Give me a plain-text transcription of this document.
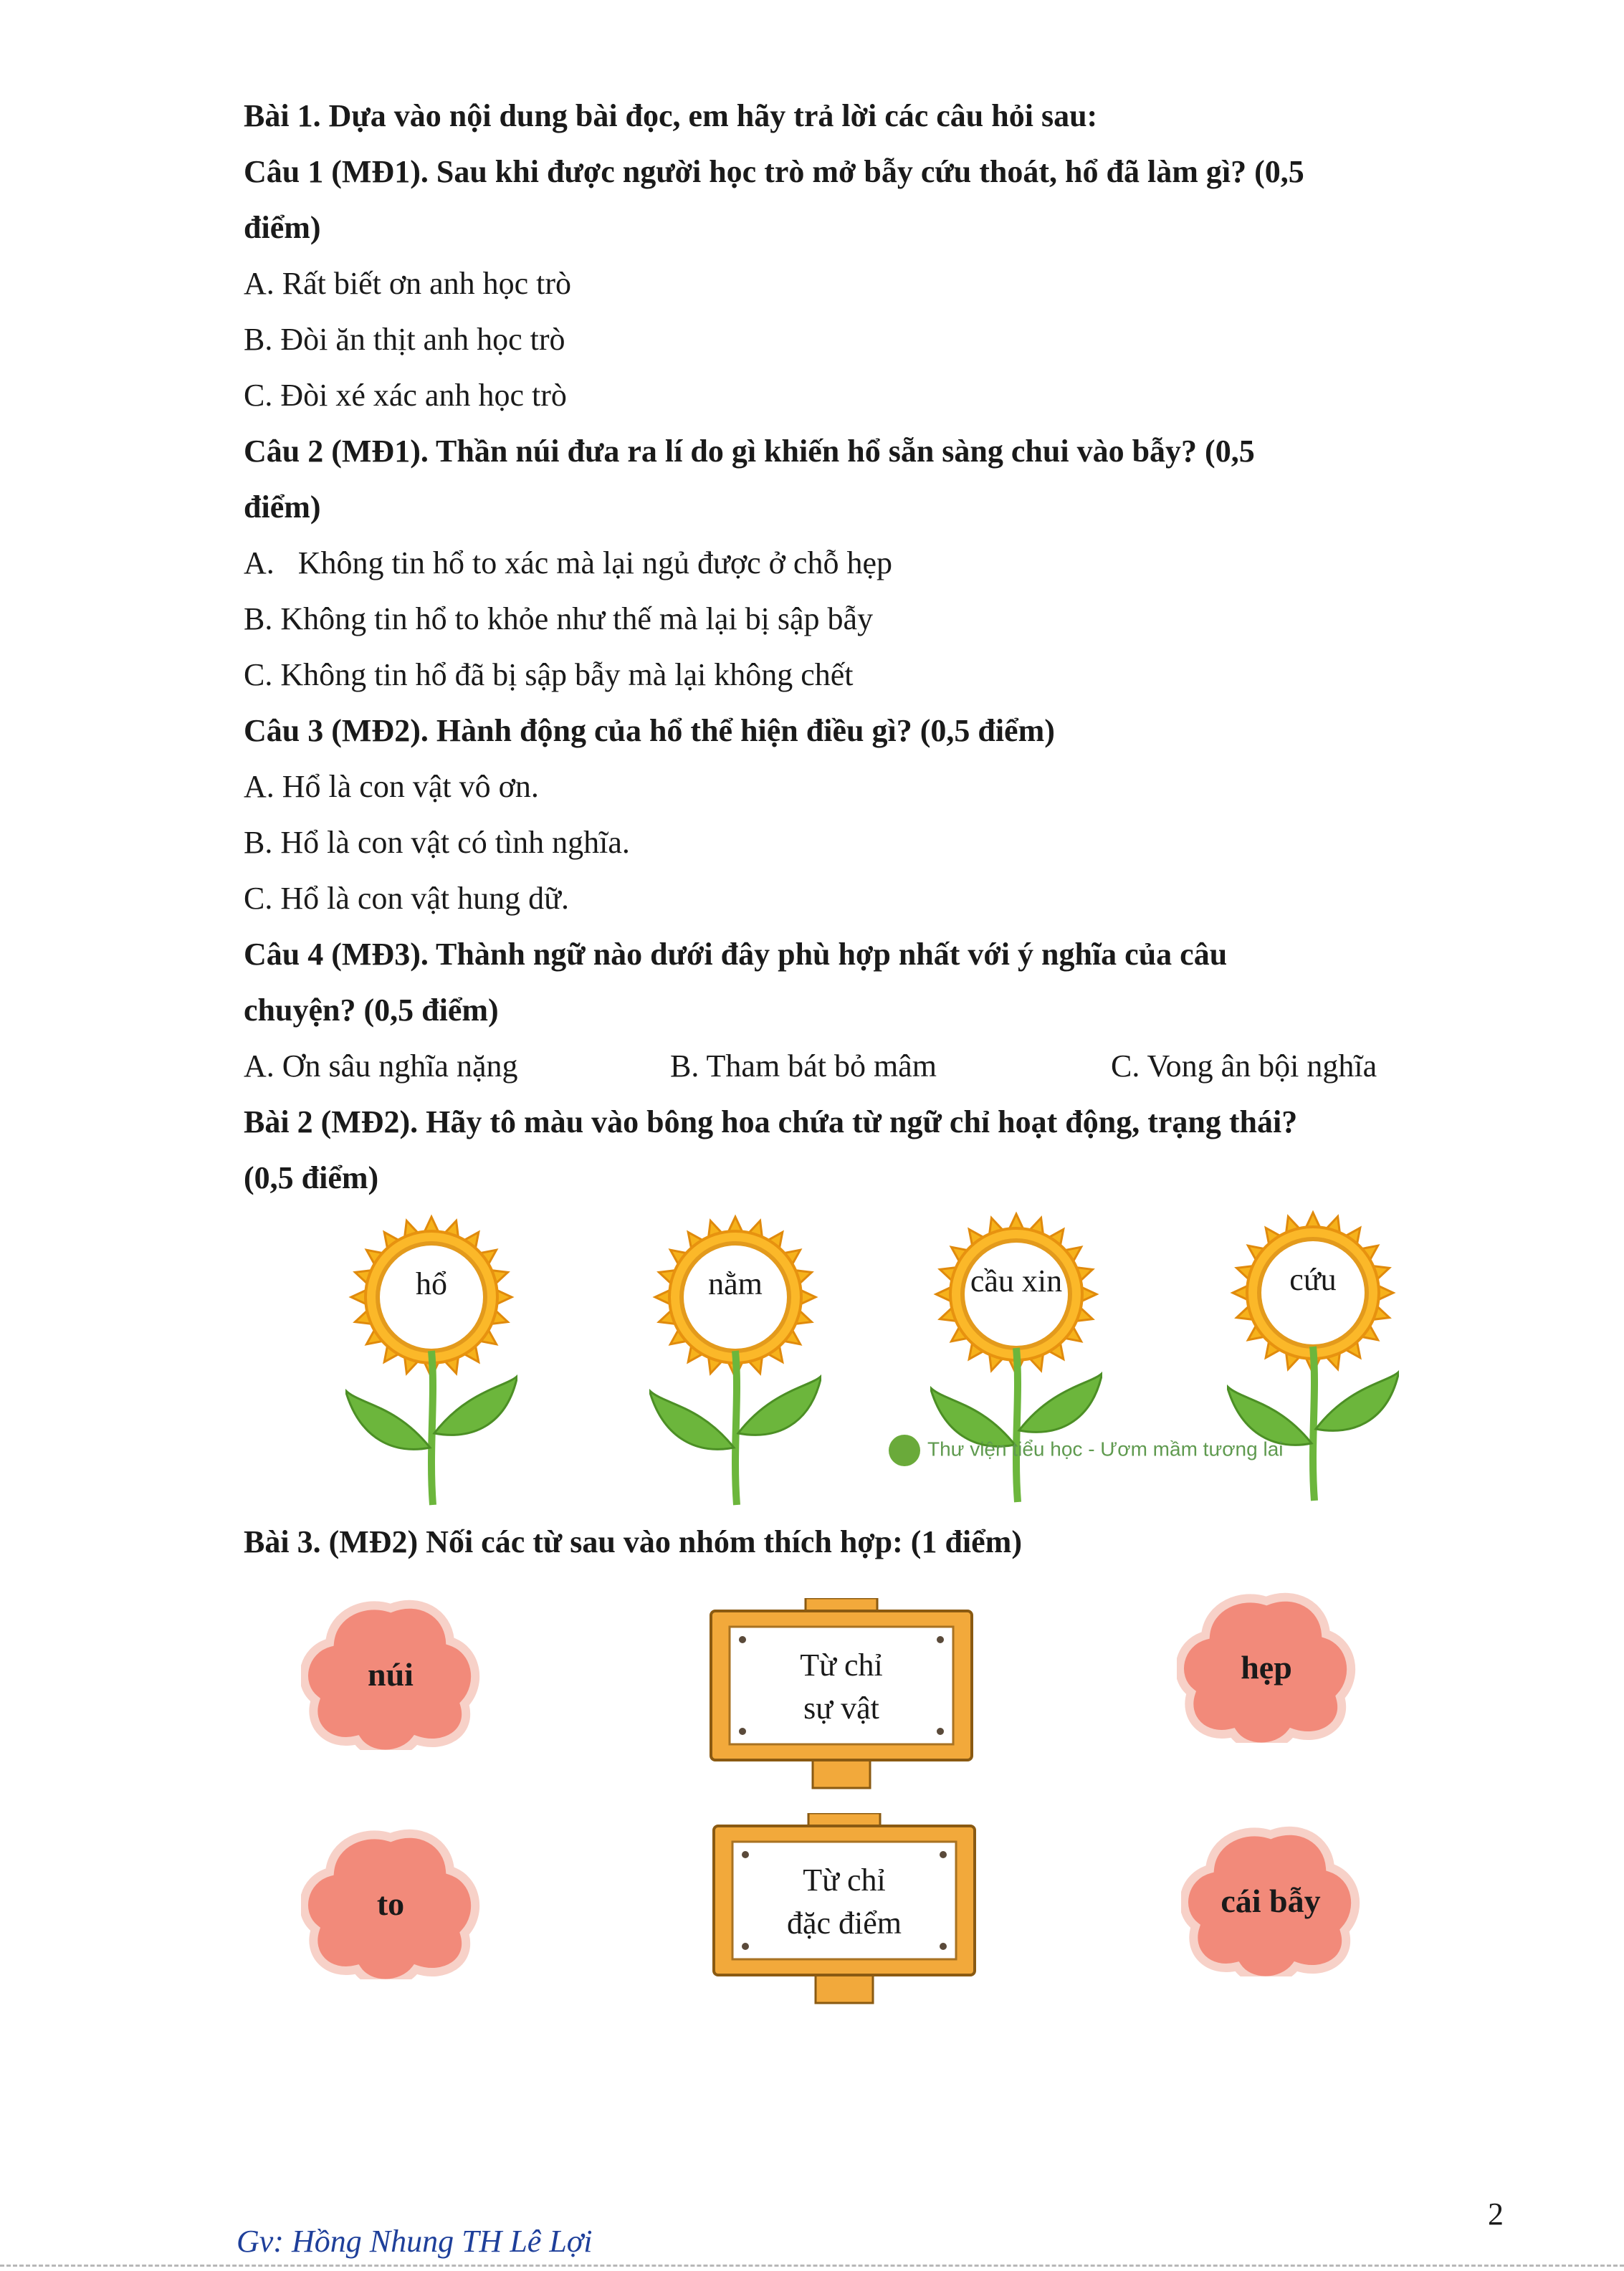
Bài 1. Dựa vào nội dung bài đọc, em hãy trả lời các câu hỏi sau:
Câu 1 (MĐ1). Sau khi được người học trò mở bẫy cứu thoát, hổ đã làm gì? (0,5
điểm)
A. Rất biết ơn anh học trò
B. Đòi ăn thịt anh học trò
C. Đòi xé xác anh học trò
Câu 2 (MĐ1). Thần núi đưa ra lí do gì khiến hổ sẵn sàng chui vào bẫy? (0,5
điểm)
A.   Không tin hổ to xác mà lại ngủ được ở chỗ hẹp
B. Không tin hổ to khỏe như thế mà lại bị sập bẫy
C. Không tin hổ đã bị sập bẫy mà lại không chết
Câu 3 (MĐ2). Hành động của hổ thể hiện điều gì? (0,5 điểm)
A. Hổ là con vật vô ơn.
B. Hổ là con vật có tình nghĩa.
C. Hổ là con vật hung dữ.
Câu 4 (MĐ3). Thành ngữ nào dưới đây phù hợp nhất với ý nghĩa của câu
chuyện? (0,5 điểm)
A. Ơn sâu nghĩa nặng	B. Tham bát bỏ mâm	C. Vong ân bội nghĩa
Bài 2 (MĐ2). Hãy tô màu vào bông hoa chứa từ ngữ chỉ hoạt động, trạng thái?
(0,5 điểm)
hổ	nằm	cầu xin	cứu
Thư viện tiểu học - Ươm mầm tương lai
Bài 3. (MĐ2) Nối các từ sau vào nhóm thích hợp: (1 điểm)
núi
to
hẹp
cái bẫy
Từ chỉ
sự vật
Từ chỉ
đặc điểm
2
Gv: Hồng Nhung TH Lê Lợi
